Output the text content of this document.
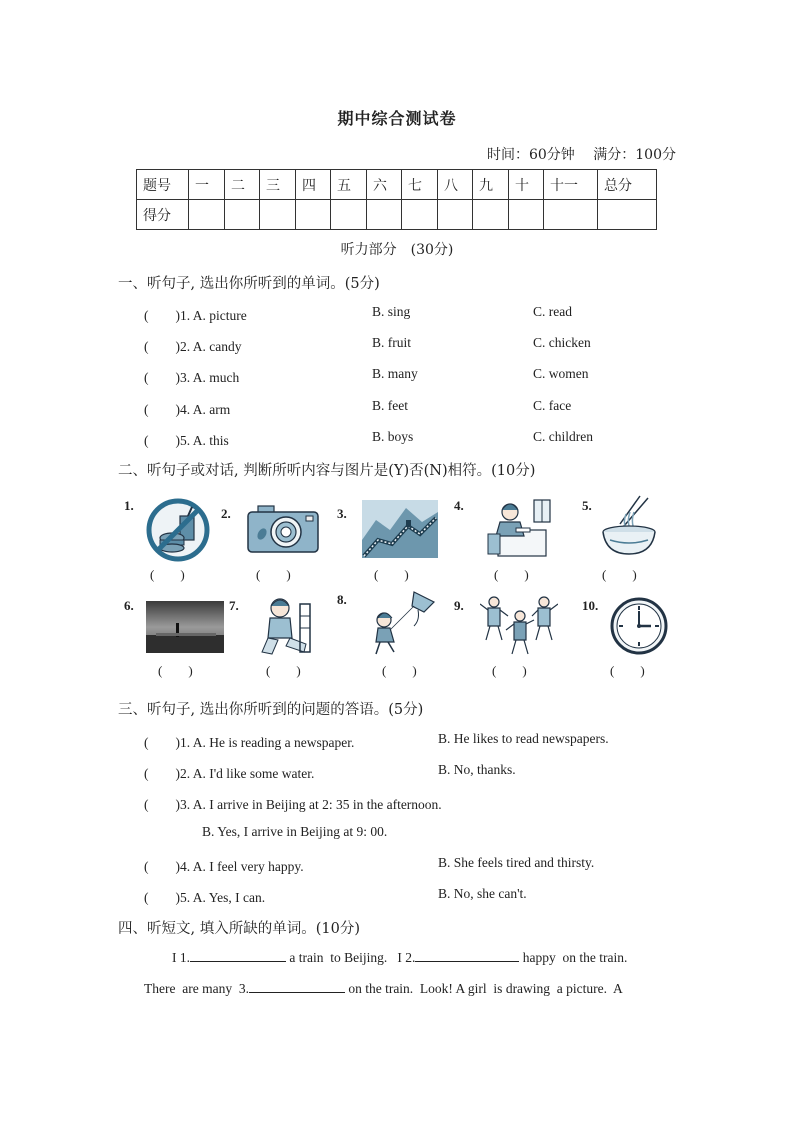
期中综合测试卷
时间：60分钟 满分：100分
题号	一	二	三	四	五	六	七	八	九	十	十一	总分
得分												
听力部分　(30分)
一、听句子, 选出你所听到的单词。(5分)
(　　)1. A. picture	B. sing	C. read
(　　)2. A. candy	B. fruit	C. chicken
(　　)3. A. much	B. many	C. women
(　　)4. A. arm	B. feet	C. face
(　　)5. A. this	B. boys	C. children
二、听句子或对话, 判断所听内容与图片是(Y)否(N)相符。(10分)
1.
2.	3.
4.	5.
(　　)	(　　)	(　　)	(　　)	(　　)
6.	7.	8.	9.	10.
(　　)	(　　)	(　　)	(　　)	(　　)
三、听句子, 选出你所听到的问题的答语。(5分)
(　　)1. A. He is reading a newspaper.	B. He likes to read newspapers.
(　　)2. A. I'd like some water.	B. No, thanks.
(　　)3. A. I arrive in Beijing at 2: 35 in the afternoon.
B. Yes, I arrive in Beijing at 9: 00.
(　　)4. A. I feel very happy.	B. She feels tired and thirsty.
(　　)5. A. Yes, I can.	B. No, she can't.
四、听短文, 填入所缺的单词。(10分)
I 1.	a train  to Beijing.   I 2.	happy  on the train.
There  are many  3.	on the train.  Look! A girl  is drawing  a picture.  A
